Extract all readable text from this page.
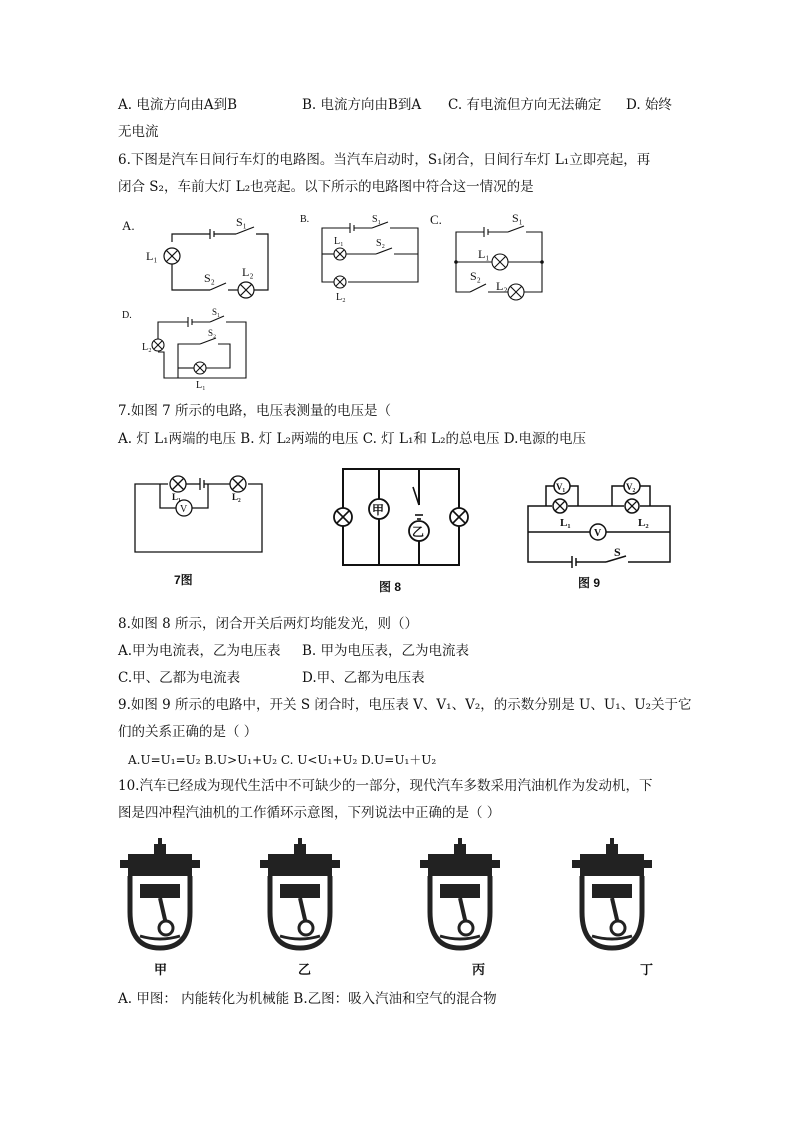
A. 电流方向由A到B	B. 电流方向由B到A C. 有电流但方向无法确定 D. 始终
无电流
6.下图是汽车日间行车灯的电路图。当汽车启动时，S₁闭合，日间行车灯 L₁立即亮起，再
闭合 S₂，车前大灯 L₂也亮起。以下所示的电路图中符合这一情况的是
A.	S₁
L₁
S₂ L₂
B.	S₁
L₁	S₂
L₂
C.	S₁
L₁
S₂
L₂
D.	S₁
S₂
L₂
L₁
7.如图 7 所示的电路，电压表测量的电压是（
A. 灯 L₁两端的电压 B. 灯 L₂两端的电压 C. 灯 L₁和 L₂的总电压 D.电源的电压
V
L₁	L₂
7图
甲
乙
图 8
V₁	V₂
V
L₁	L₂
S
图 9
8.如图 8 所示，闭合开关后两灯均能发光，则（）
A.甲为电流表，乙为电压表 B. 甲为电压表，乙为电流表
C.甲、乙都为电流表	D.甲、乙都为电压表
9.如图 9 所示的电路中，开关 S 闭合时，电压表 V、V₁、V₂，的示数分别是 U、U₁、U₂关于它
们的关系正确的是（ ）
A.U=U₁=U₂ B.U>U₁+U₂ C. U<U₁+U₂ D.U=U₁＋U₂
10.汽车已经成为现代生活中不可缺少的一部分，现代汽车多数采用汽油机作为发动机，下
图是四冲程汽油机的工作循环示意图，下列说法中正确的是（ ）
甲	乙	丙	丁
A. 甲图： 内能转化为机械能 B.乙图：吸入汽油和空气的混合物
